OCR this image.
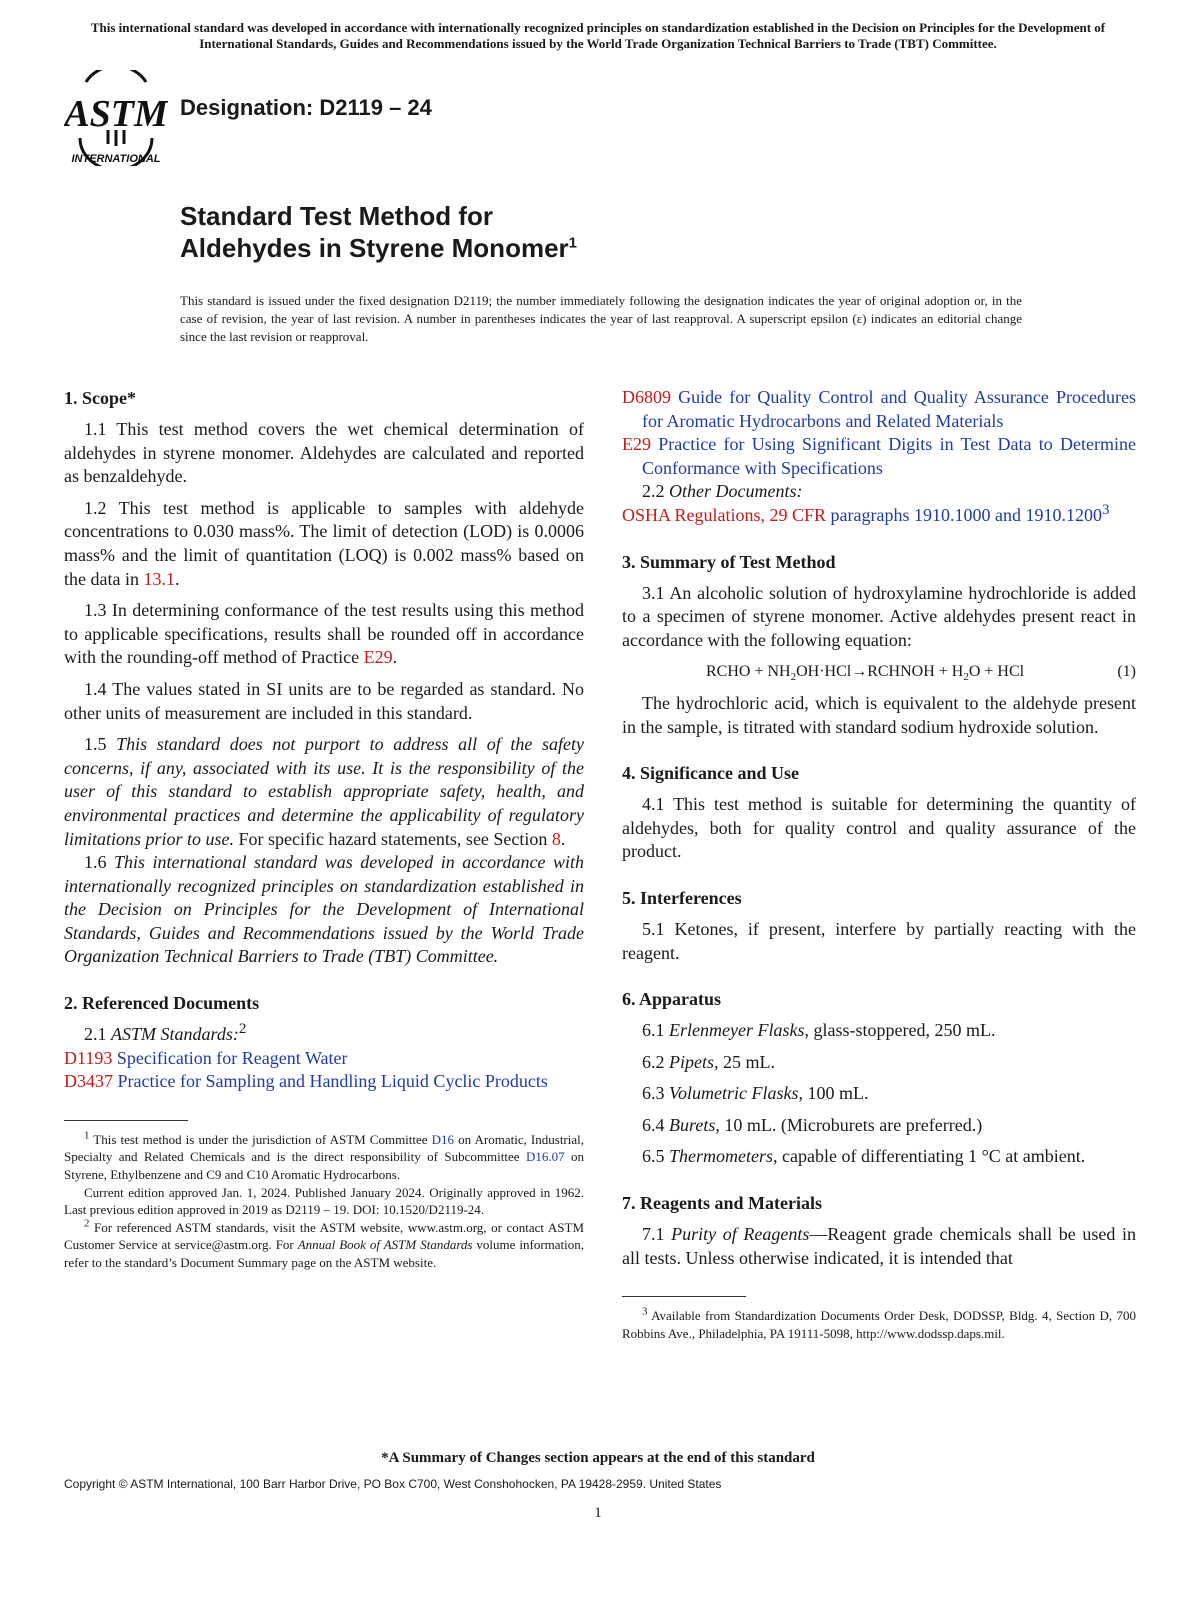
This international standard was developed in accordance with internationally recognized principles on standardization established in the Decision on Principles for the Development of International Standards, Guides and Recommendations issued by the World Trade Organization Technical Barriers to Trade (TBT) Committee.
ASTM
INTERNATIONAL
Designation: D2119 – 24
Standard Test Method for
Aldehydes in Styrene Monomer$^1$
This standard is issued under the fixed designation D2119; the number immediately following the designation indicates the year of original adoption or, in the case of revision, the year of last revision. A number in parentheses indicates the year of last reapproval. A superscript epsilon (ε) indicates an editorial change since the last revision or reapproval.
1. Scope*

1.1 This test method covers the wet chemical determination of aldehydes in styrene monomer. Aldehydes are calculated and reported as benzaldehyde.

1.2 This test method is applicable to samples with aldehyde concentrations to 0.030 mass%. The limit of detection (LOD) is 0.0006 mass% and the limit of quantitation (LOQ) is 0.002 mass% based on the data in 13.1.

1.3 In determining conformance of the test results using this method to applicable specifications, results shall be rounded off in accordance with the rounding-off method of Practice E29.

1.4 The values stated in SI units are to be regarded as standard. No other units of measurement are included in this standard.

1.5 This standard does not purport to address all of the safety concerns, if any, associated with its use. It is the responsibility of the user of this standard to establish appropriate safety, health, and environmental practices and determine the applicability of regulatory limitations prior to use. For specific hazard statements, see Section 8.

1.6 This international standard was developed in accordance with internationally recognized principles on standardization established in the Decision on Principles for the Development of International Standards, Guides and Recommendations issued by the World Trade Organization Technical Barriers to Trade (TBT) Committee.

2. Referenced Documents

2.1 ASTM Standards:$^2$

D1193 Specification for Reagent Water

D3437 Practice for Sampling and Handling Liquid Cyclic Products

$^1$ This test method is under the jurisdiction of ASTM Committee D16 on Aromatic, Industrial, Specialty and Related Chemicals and is the direct responsibility of Subcommittee D16.07 on Styrene, Ethylbenzene and C9 and C10 Aromatic Hydrocarbons.

Current edition approved Jan. 1, 2024. Published January 2024. Originally approved in 1962. Last previous edition approved in 2019 as D2119 – 19. DOI: 10.1520/D2119-24.

$^2$ For referenced ASTM standards, visit the ASTM website, www.astm.org, or contact ASTM Customer Service at service@astm.org. For Annual Book of ASTM Standards volume information, refer to the standard’s Document Summary page on the ASTM website.

D6809 Guide for Quality Control and Quality Assurance Procedures for Aromatic Hydrocarbons and Related Materials

E29 Practice for Using Significant Digits in Test Data to Determine Conformance with Specifications

2.2 Other Documents:

OSHA Regulations, 29 CFR paragraphs 1910.1000 and 1910.1200$^3$

3. Summary of Test Method

3.1 An alcoholic solution of hydroxylamine hydrochloride is added to a specimen of styrene monomer. Active aldehydes present react in accordance with the following equation:

RCHO + $NH_2OH\cdot HCl\to RCHNOH + H_2O$ + HCl	(1)

The hydrochloric acid, which is equivalent to the aldehyde present in the sample, is titrated with standard sodium hydroxide solution.

4. Significance and Use

4.1 This test method is suitable for determining the quantity of aldehydes, both for quality control and quality assurance of the product.

5. Interferences

5.1 Ketones, if present, interfere by partially reacting with the reagent.

6. Apparatus

6.1 Erlenmeyer Flasks, glass-stoppered, 250 mL.

6.2 Pipets, 25 mL.

6.3 Volumetric Flasks, 100 mL.

6.4 Burets, 10 mL. (Microburets are preferred.)

6.5 Thermometers, capable of differentiating 1 °C at ambient.

7. Reagents and Materials

7.1 Purity of Reagents—Reagent grade chemicals shall be used in all tests. Unless otherwise indicated, it is intended that

$^3$ Available from Standardization Documents Order Desk, DODSSP, Bldg. 4, Section D, 700 Robbins Ave., Philadelphia, PA 19111-5098, http://www.dodssp.daps.mil.

*A Summary of Changes section appears at the end of this standard
Copyright © ASTM International, 100 Barr Harbor Drive, PO Box C700, West Conshohocken, PA 19428-2959. United States
1
